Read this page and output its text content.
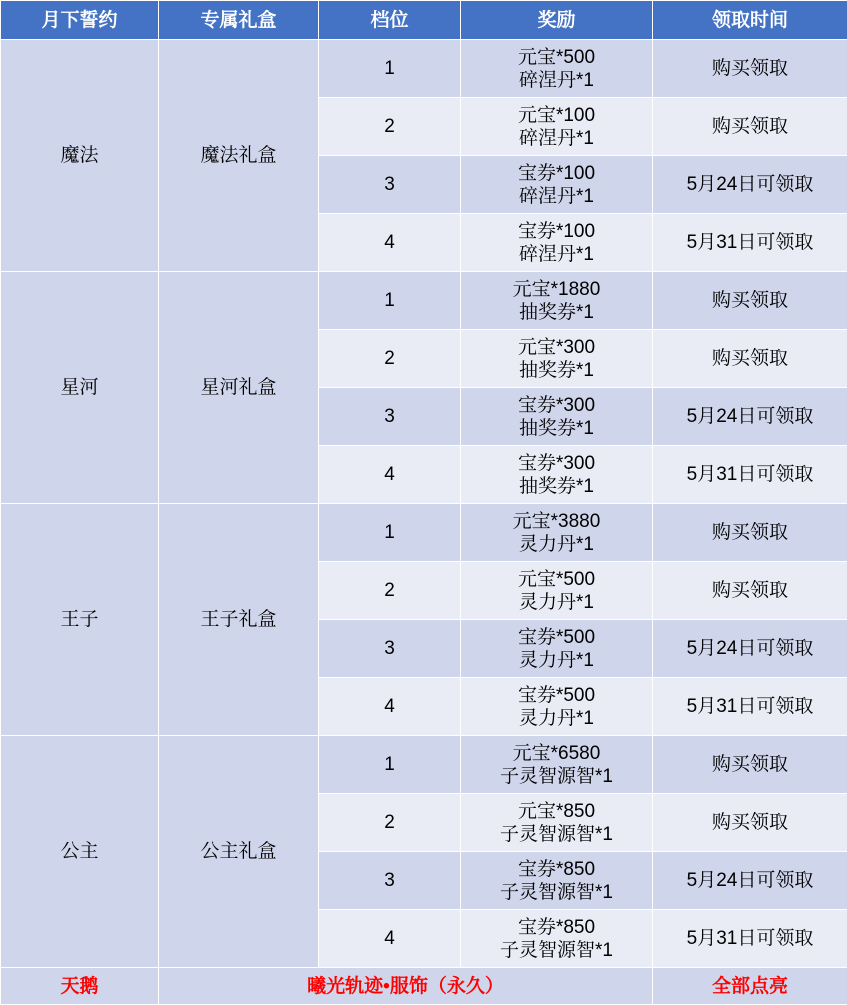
月下誓约	专属礼盒	档位	奖励	领取时间
魔法	魔法礼盒	1	元宝*500
碎涅丹*1	购买领取
		2	元宝*100
碎涅丹*1	购买领取
		3	宝券*100
碎涅丹*1	5月24日可领取
		4	宝券*100
碎涅丹*1	5月31日可领取
星河	星河礼盒	1	元宝*1880
抽奖券*1	购买领取
		2	元宝*300
抽奖券*1	购买领取
		3	宝券*300
抽奖券*1	5月24日可领取
		4	宝券*300
抽奖券*1	5月31日可领取
王子	王子礼盒	1	元宝*3880
灵力丹*1	购买领取
		2	元宝*500
灵力丹*1	购买领取
		3	宝券*500
灵力丹*1	5月24日可领取
		4	宝券*500
灵力丹*1	5月31日可领取
公主	公主礼盒	1	元宝*6580
子灵智源智*1	购买领取
		2	元宝*850
子灵智源智*1	购买领取
		3	宝券*850
子灵智源智*1	5月24日可领取
		4	宝券*850
子灵智源智*1	5月31日可领取
天鹅	曦光轨迹•服饰（永久）			全部点亮
